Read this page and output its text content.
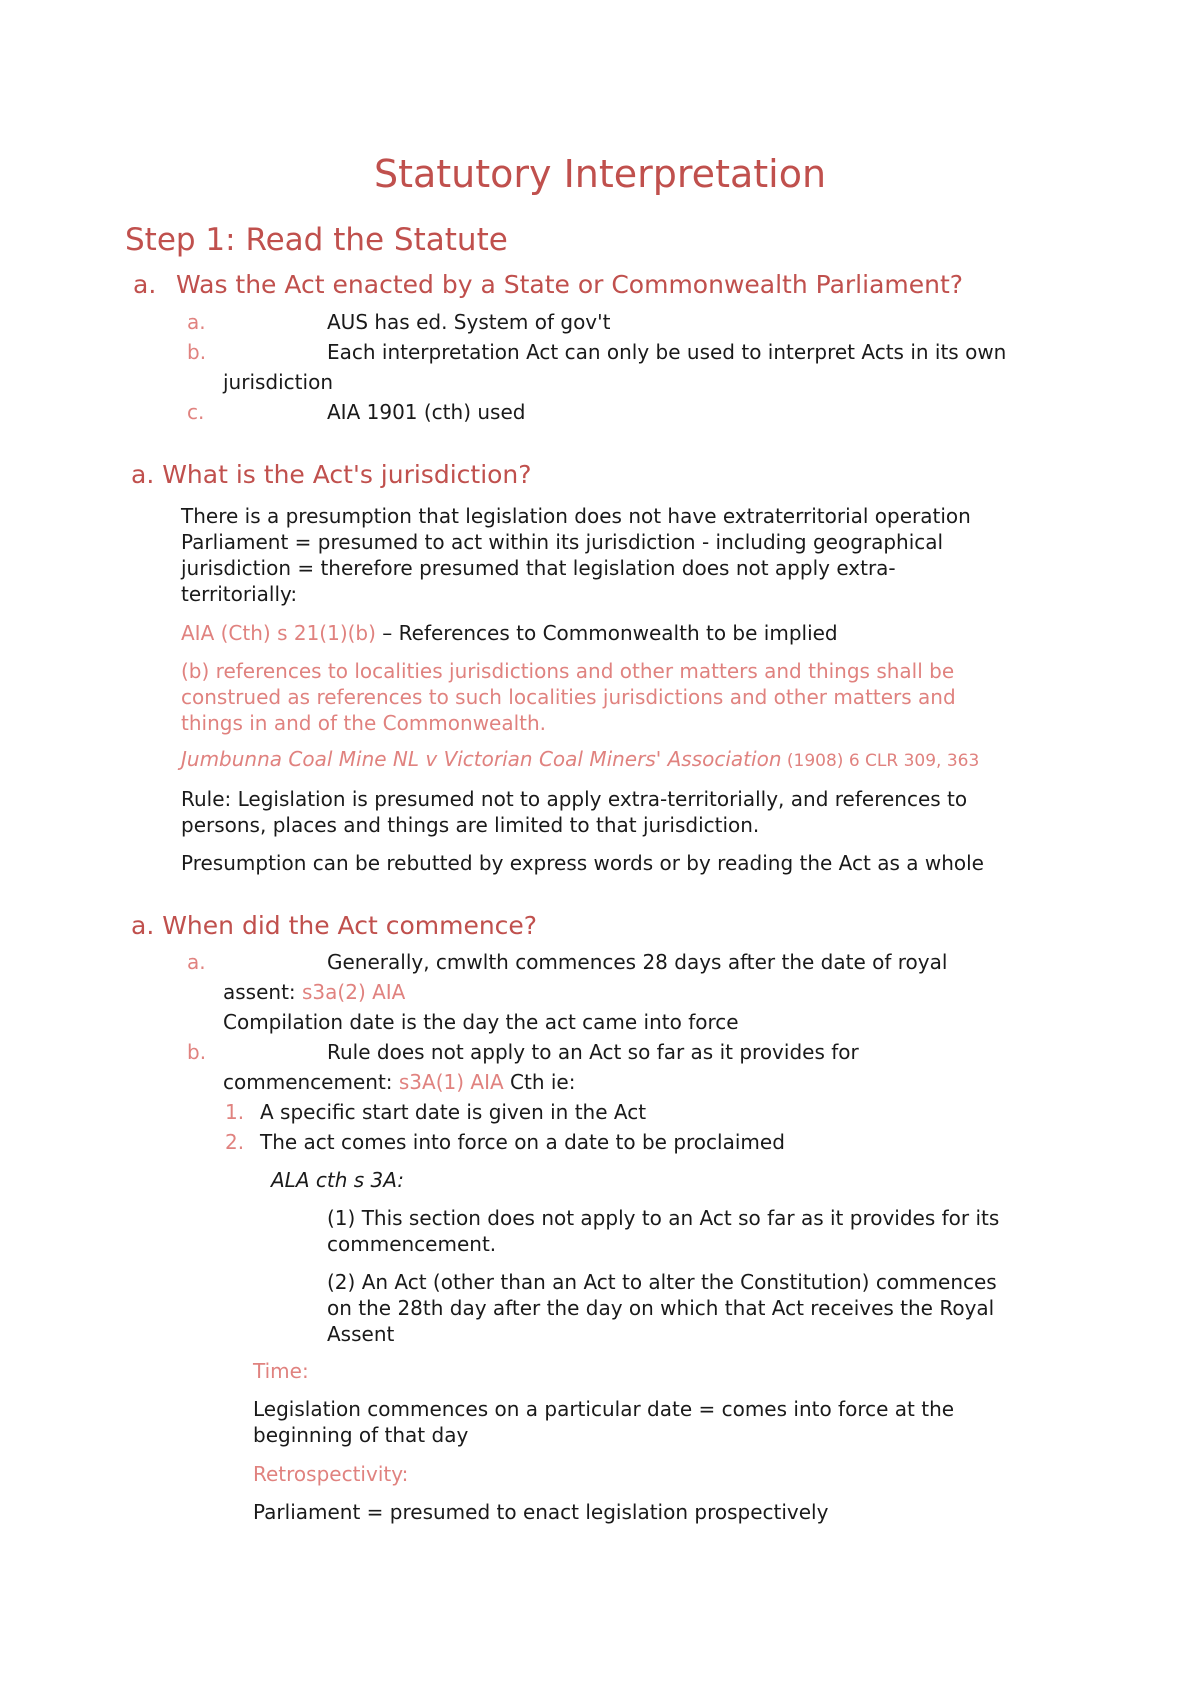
Statutory Interpretation
Step 1: Read the Statute
a. Was the Act enacted by a State or Commonwealth Parliament?
a.	AUS has ed. System of gov't
b.	Each interpretation Act can only be used to interpret Acts in its own
jurisdiction
c.	AIA 1901 (cth) used
a. What is the Act's jurisdiction?
There is a presumption that legislation does not have extraterritorial operation
Parliament = presumed to act within its jurisdiction - including geographical
jurisdiction = therefore presumed that legislation does not apply extra-
territorially:
AIA (Cth) s 21(1)(b) – References to Commonwealth to be implied
(b) references to localities jurisdictions and other matters and things shall be
construed as references to such localities jurisdictions and other matters and
things in and of the Commonwealth.
Jumbunna Coal Mine NL v Victorian Coal Miners' Association (1908) 6 CLR 309, 363
Rule: Legislation is presumed not to apply extra-territorially, and references to
persons, places and things are limited to that jurisdiction.
Presumption can be rebutted by express words or by reading the Act as a whole
a. When did the Act commence?
a.	Generally, cmwlth commences 28 days after the date of royal
assent: s3a(2) AIA
Compilation date is the day the act came into force
b.	Rule does not apply to an Act so far as it provides for
commencement: s3A(1) AIA Cth ie:
1. A specific start date is given in the Act
2. The act comes into force on a date to be proclaimed
ALA cth s 3A:
(1) This section does not apply to an Act so far as it provides for its
commencement.
(2) An Act (other than an Act to alter the Constitution) commences
on the 28th day after the day on which that Act receives the Royal
Assent
Time:
Legislation commences on a particular date = comes into force at the
beginning of that day
Retrospectivity:
Parliament = presumed to enact legislation prospectively
